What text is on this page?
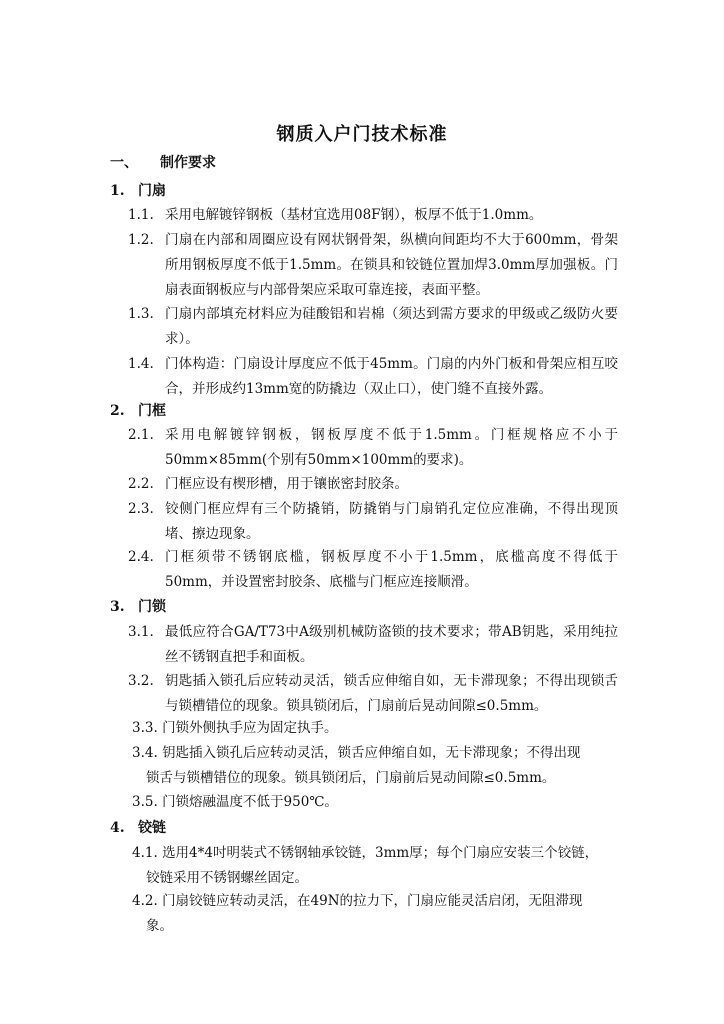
钢质入户门技术标准
一、 制作要求
1. 门扇
1.1. 采用电解镀锌钢板（基材宜选用08F钢），板厚不低于1.0mm。
1.2. 门扇在内部和周圈应设有网状钢骨架，纵横向间距均不大于600mm，骨架所用钢板厚度不低于1.5mm。在锁具和铰链位置加焊3.0mm厚加强板。门扇表面钢板应与内部骨架应采取可靠连接，表面平整。
1.3. 门扇内部填充材料应为硅酸铝和岩棉（须达到需方要求的甲级或乙级防火要求）。
1.4. 门体构造：门扇设计厚度应不低于45mm。门扇的内外门板和骨架应相互咬合，并形成约13mm宽的防撬边（双止口），使门缝不直接外露。
2. 门框
2.1. 采用电解镀锌钢板，钢板厚度不低于1.5mm。门框规格应不小于50mm×85mm(个别有50mm×100mm的要求)。
2.2. 门框应设有楔形槽，用于镶嵌密封胶条。
2.3. 铰侧门框应焊有三个防撬销，防撬销与门扇销孔定位应准确，不得出现顶堵、擦边现象。
2.4. 门框须带不锈钢底槛，钢板厚度不小于1.5mm，底槛高度不得低于50mm，并设置密封胶条、底槛与门框应连接顺滑。
3. 门锁
3.1. 最低应符合GA/T73中A级别机械防盗锁的技术要求；带AB钥匙，采用纯拉丝不锈钢直把手和面板。
3.2. 钥匙插入锁孔后应转动灵活，锁舌应伸缩自如，无卡滞现象；不得出现锁舌与锁槽错位的现象。锁具锁闭后，门扇前后晃动间隙≤0.5mm。
3.3. 门锁外侧执手应为固定执手。
3.4. 钥匙插入锁孔后应转动灵活，锁舌应伸缩自如，无卡滞现象；不得出现
锁舌与锁槽错位的现象。锁具锁闭后，门扇前后晃动间隙≤0.5mm。
3.5. 门锁熔融温度不低于950℃。
4. 铰链
4.1. 选用4*4吋明装式不锈钢轴承铰链，3mm厚；每个门扇应安装三个铰链，
铰链采用不锈钢螺丝固定。
4.2. 门扇铰链应转动灵活，在49N的拉力下，门扇应能灵活启闭，无阻滞现
象。
